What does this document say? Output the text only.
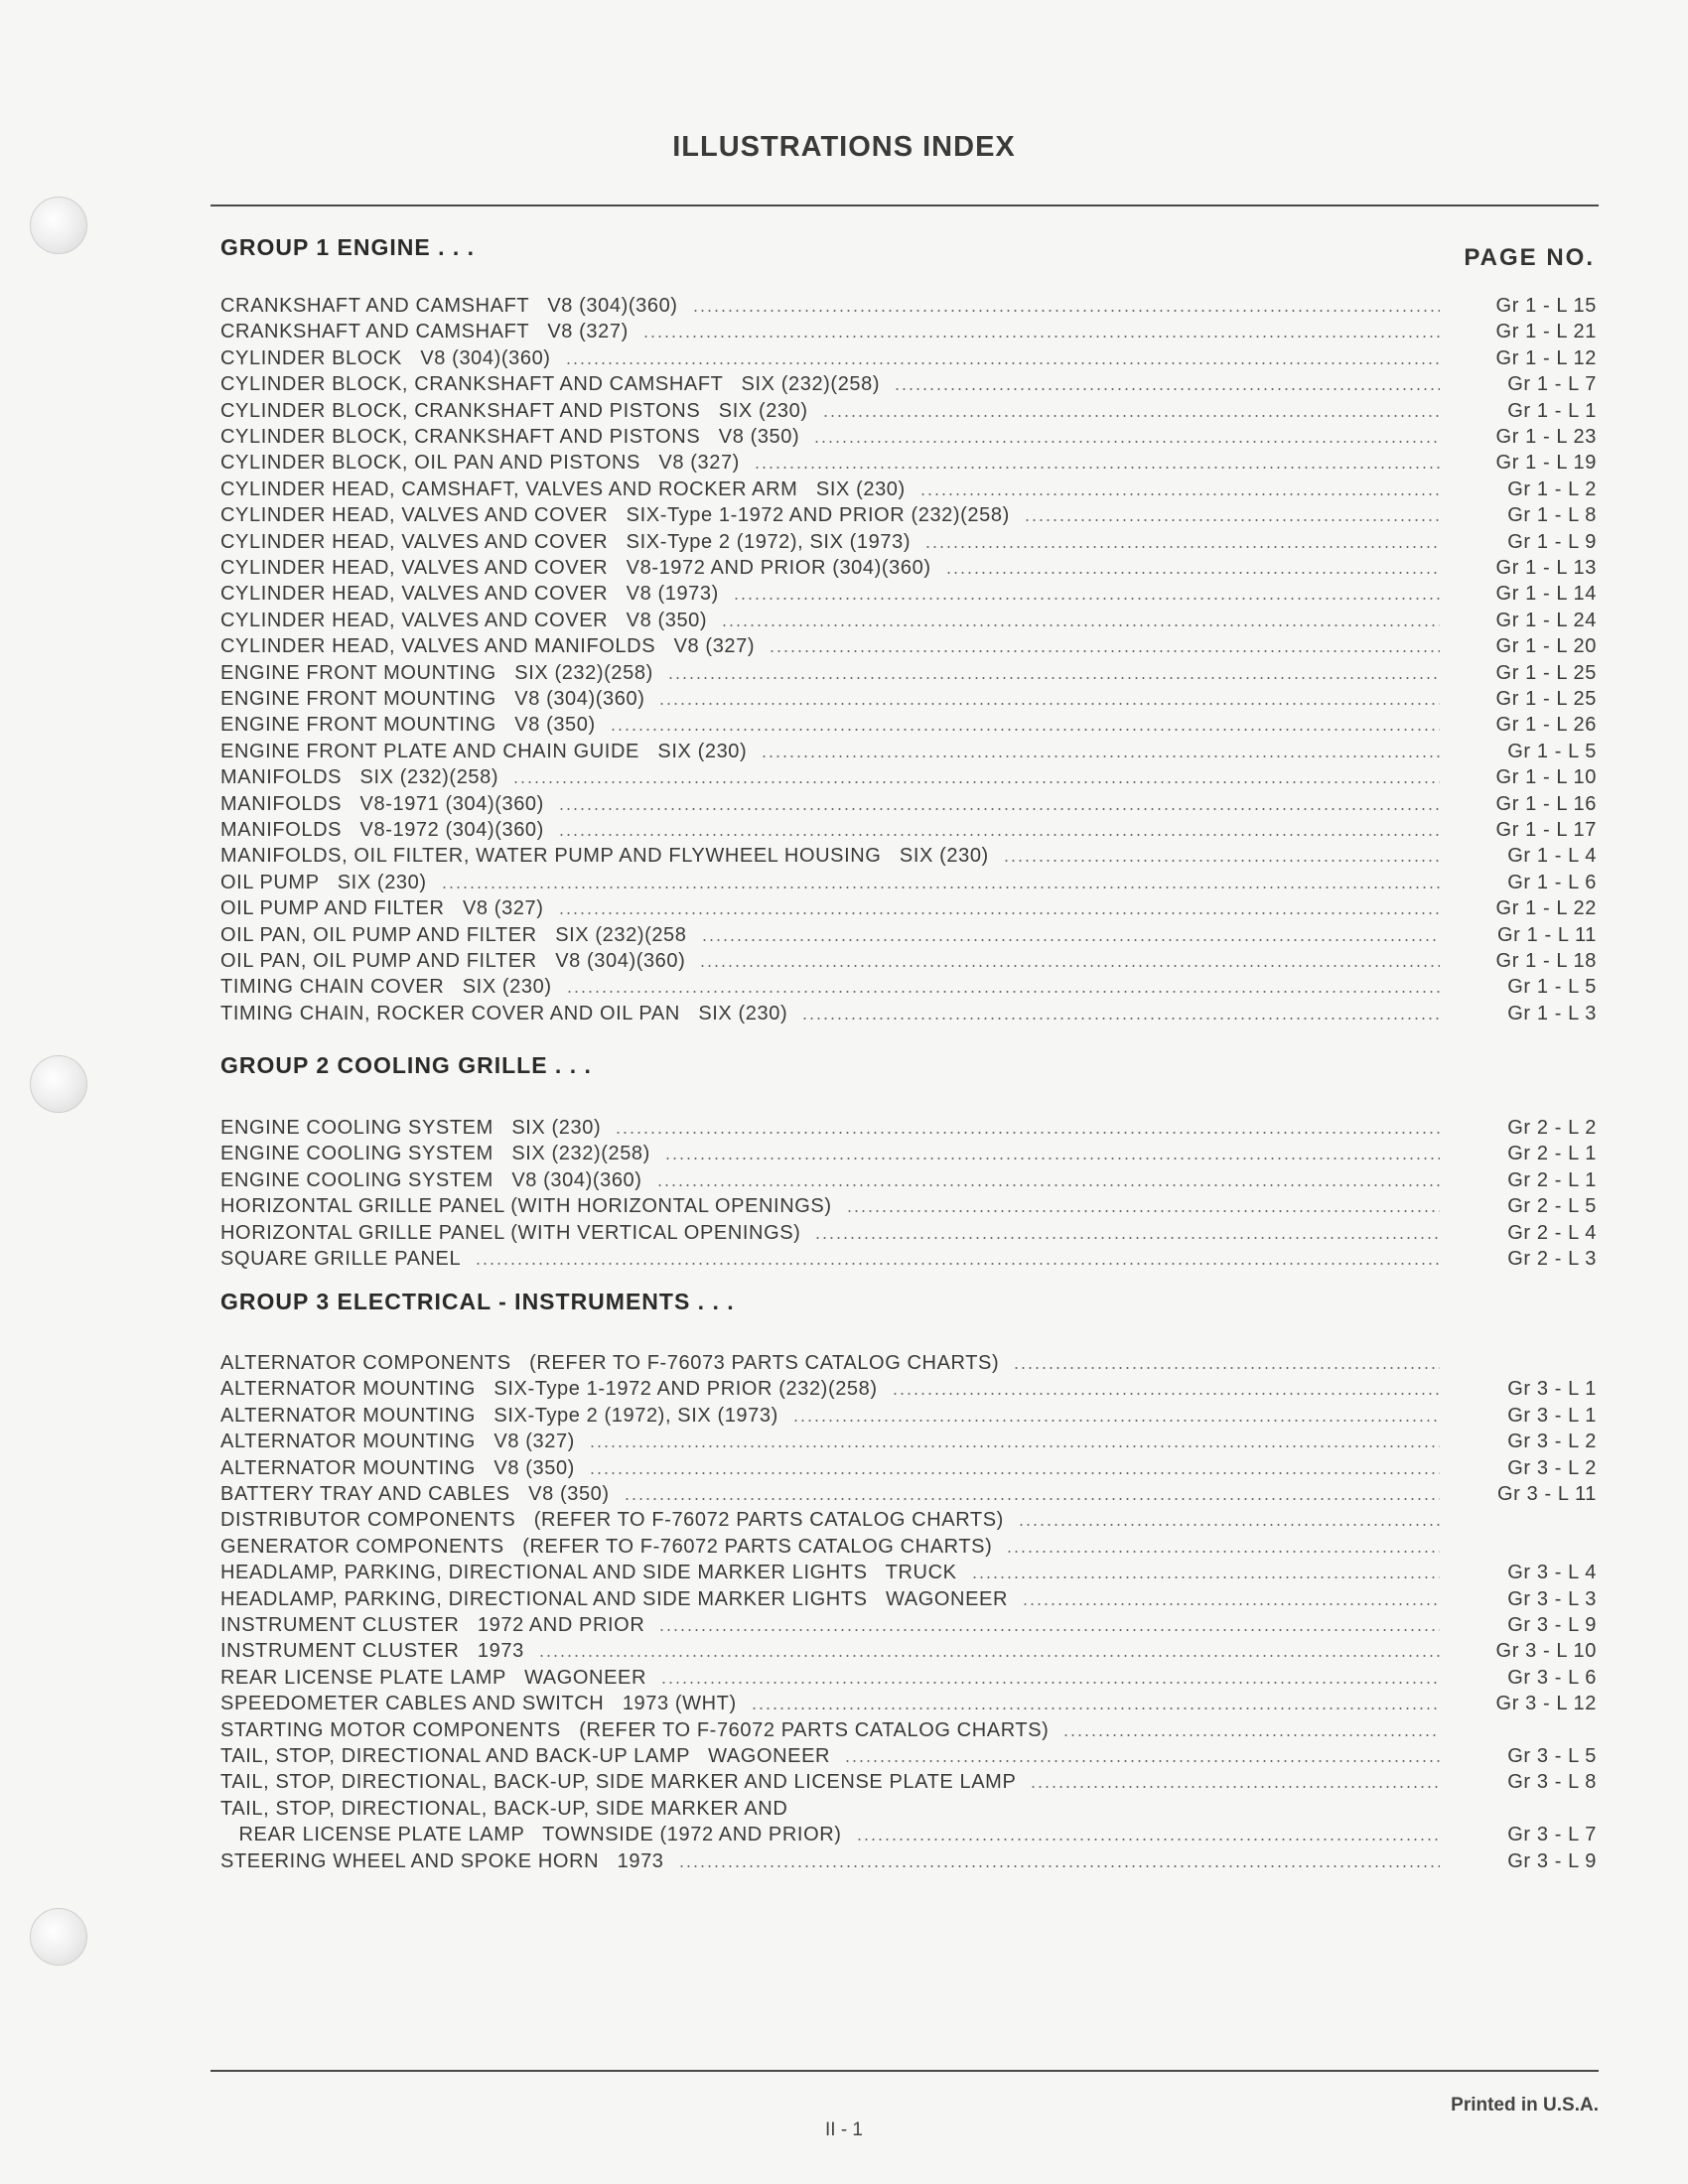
ILLUSTRATIONS INDEX
PAGE NO.
GROUP 1 ENGINE . . .
CRANKSHAFT AND CAMSHAFT   V8 (304)(360)	Gr 1 - L 15
CRANKSHAFT AND CAMSHAFT   V8 (327)	Gr 1 - L 21
CYLINDER BLOCK   V8 (304)(360)	Gr 1 - L 12
CYLINDER BLOCK, CRANKSHAFT AND CAMSHAFT   SIX (232)(258)	Gr 1 - L 7
CYLINDER BLOCK, CRANKSHAFT AND PISTONS   SIX (230)	Gr 1 - L 1
CYLINDER BLOCK, CRANKSHAFT AND PISTONS   V8 (350)	Gr 1 - L 23
CYLINDER BLOCK, OIL PAN AND PISTONS   V8 (327)	Gr 1 - L 19
CYLINDER HEAD, CAMSHAFT, VALVES AND ROCKER ARM   SIX (230)	Gr 1 - L 2
CYLINDER HEAD, VALVES AND COVER   SIX-Type 1-1972 AND PRIOR (232)(258)	Gr 1 - L 8
CYLINDER HEAD, VALVES AND COVER   SIX-Type 2 (1972), SIX (1973)	Gr 1 - L 9
CYLINDER HEAD, VALVES AND COVER   V8-1972 AND PRIOR (304)(360)	Gr 1 - L 13
CYLINDER HEAD, VALVES AND COVER   V8 (1973)	Gr 1 - L 14
CYLINDER HEAD, VALVES AND COVER   V8 (350)	Gr 1 - L 24
CYLINDER HEAD, VALVES AND MANIFOLDS   V8 (327)	Gr 1 - L 20
ENGINE FRONT MOUNTING   SIX (232)(258)	Gr 1 - L 25
ENGINE FRONT MOUNTING   V8 (304)(360)	Gr 1 - L 25
ENGINE FRONT MOUNTING   V8 (350)	Gr 1 - L 26
ENGINE FRONT PLATE AND CHAIN GUIDE   SIX (230)	Gr 1 - L 5
MANIFOLDS   SIX (232)(258)	Gr 1 - L 10
MANIFOLDS   V8-1971 (304)(360)	Gr 1 - L 16
MANIFOLDS   V8-1972 (304)(360)	Gr 1 - L 17
MANIFOLDS, OIL FILTER, WATER PUMP AND FLYWHEEL HOUSING   SIX (230)	Gr 1 - L 4
OIL PUMP   SIX (230)	Gr 1 - L 6
OIL PUMP AND FILTER   V8 (327)	Gr 1 - L 22
OIL PAN, OIL PUMP AND FILTER   SIX (232)(258	Gr 1 - L 11
OIL PAN, OIL PUMP AND FILTER   V8 (304)(360)	Gr 1 - L 18
TIMING CHAIN COVER   SIX (230)	Gr 1 - L 5
TIMING CHAIN, ROCKER COVER AND OIL PAN   SIX (230)	Gr 1 - L 3
GROUP 2 COOLING GRILLE . . .
ENGINE COOLING SYSTEM   SIX (230)	Gr 2 - L 2
ENGINE COOLING SYSTEM   SIX (232)(258)	Gr 2 - L 1
ENGINE COOLING SYSTEM   V8 (304)(360)	Gr 2 - L 1
HORIZONTAL GRILLE PANEL (WITH HORIZONTAL OPENINGS)	Gr 2 - L 5
HORIZONTAL GRILLE PANEL (WITH VERTICAL OPENINGS)	Gr 2 - L 4
SQUARE GRILLE PANEL	Gr 2 - L 3
GROUP 3 ELECTRICAL - INSTRUMENTS . . .
ALTERNATOR COMPONENTS   (REFER TO F-76073 PARTS CATALOG CHARTS)
ALTERNATOR MOUNTING   SIX-Type 1-1972 AND PRIOR (232)(258)	Gr 3 - L 1
ALTERNATOR MOUNTING   SIX-Type 2 (1972), SIX (1973)	Gr 3 - L 1
ALTERNATOR MOUNTING   V8 (327)	Gr 3 - L 2
ALTERNATOR MOUNTING   V8 (350)	Gr 3 - L 2
BATTERY TRAY AND CABLES   V8 (350)	Gr 3 - L 11
DISTRIBUTOR COMPONENTS   (REFER TO F-76072 PARTS CATALOG CHARTS)
GENERATOR COMPONENTS   (REFER TO F-76072 PARTS CATALOG CHARTS)
HEADLAMP, PARKING, DIRECTIONAL AND SIDE MARKER LIGHTS   TRUCK	Gr 3 - L 4
HEADLAMP, PARKING, DIRECTIONAL AND SIDE MARKER LIGHTS   WAGONEER	Gr 3 - L 3
INSTRUMENT CLUSTER   1972 AND PRIOR	Gr 3 - L 9
INSTRUMENT CLUSTER   1973	Gr 3 - L 10
REAR LICENSE PLATE LAMP   WAGONEER	Gr 3 - L 6
SPEEDOMETER CABLES AND SWITCH   1973 (WHT)	Gr 3 - L 12
STARTING MOTOR COMPONENTS   (REFER TO F-76072 PARTS CATALOG CHARTS)
TAIL, STOP, DIRECTIONAL AND BACK-UP LAMP   WAGONEER	Gr 3 - L 5
TAIL, STOP, DIRECTIONAL, BACK-UP, SIDE MARKER AND LICENSE PLATE LAMP	Gr 3 - L 8
TAIL, STOP, DIRECTIONAL, BACK-UP, SIDE MARKER AND
REAR LICENSE PLATE LAMP   TOWNSIDE (1972 AND PRIOR)	Gr 3 - L 7
STEERING WHEEL AND SPOKE HORN   1973	Gr 3 - L 9
Printed in U.S.A.
II - 1
